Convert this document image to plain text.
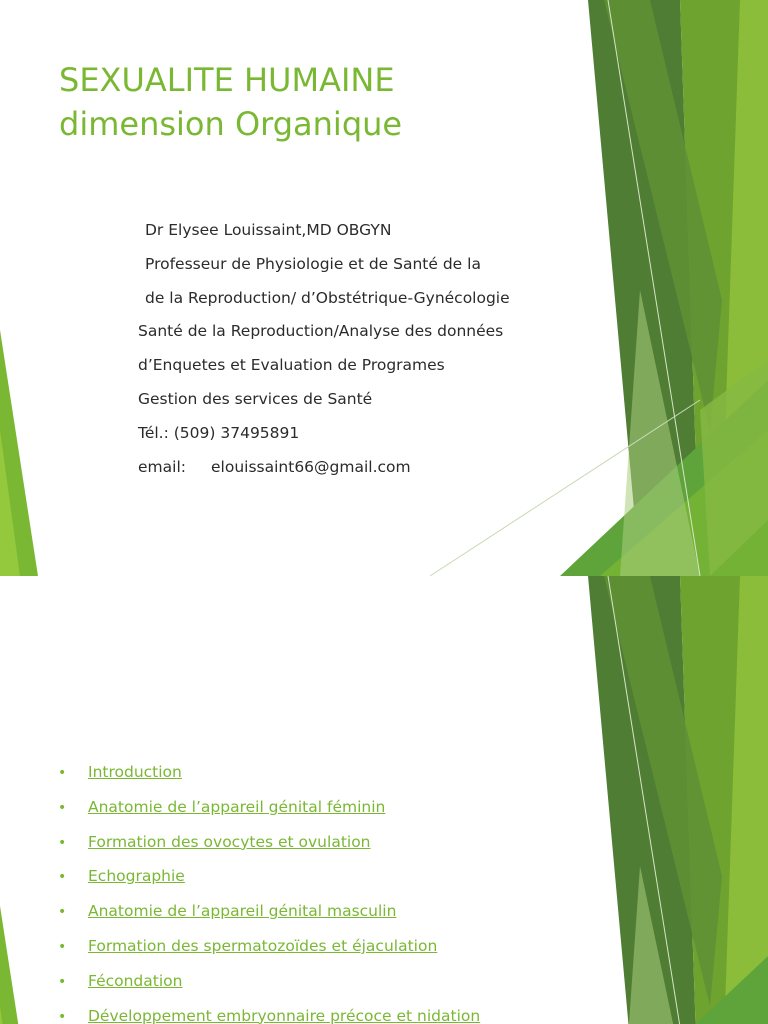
SEXUALITE HUMAINE
dimension Organique
Dr Elysee Louissaint,MD OBGYN
Professeur de Physiologie et de Santé de la
de la Reproduction/ d’Obstétrique-Gynécologie
Santé de la Reproduction/Analyse des données
d’Enquetes et Evaluation de Programes
Gestion des services de Santé
Tél.: (509) 37495891
email: elouissaint66@gmail.com
• Introduction
• Anatomie de l’appareil génital féminin
• Formation des ovocytes et ovulation
• Echographie
• Anatomie de l’appareil génital masculin
• Formation des spermatozoïdes et éjaculation
• Fécondation
• Développement embryonnaire précoce et nidation
